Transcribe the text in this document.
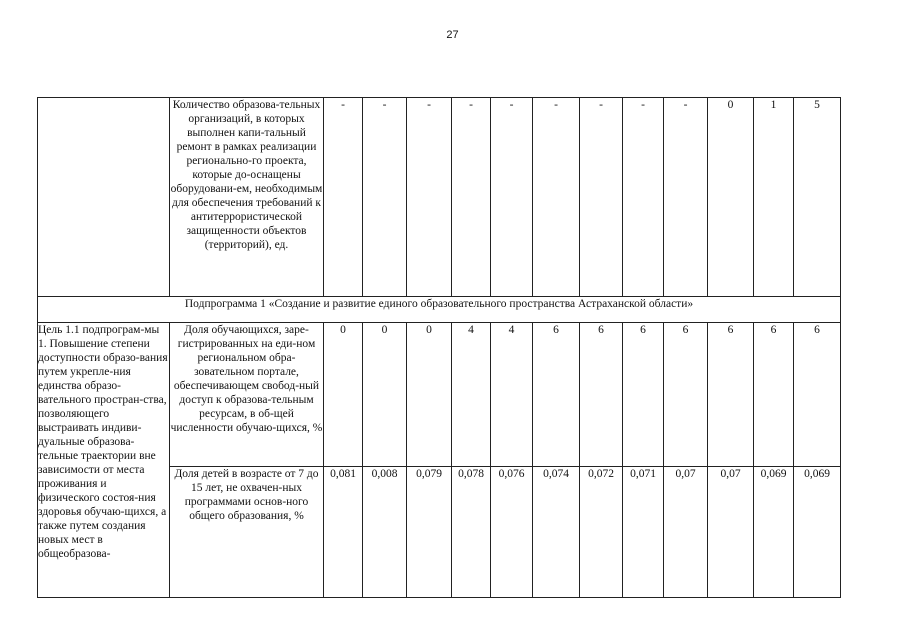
27
	Количество образова-тельных организаций, в которых выполнен капи-тальный ремонт в рамках реализации регионально-го проекта, которые до-оснащены оборудовани-ем, необходимым для обеспечения требований к антитеррористической защищенности объектов (территорий), ед.	-	-	-	-	-	-	-	-	-	0	1	5
Подпрограмма 1 «Создание и развитие единого образовательного пространства Астраханской области»													
Цель 1.1 подпрограм-мы 1. Повышение степени доступности образо-вания путем укрепле-ния единства образо-вательного простран-ства, позволяющего выстраивать индиви-дуальные образова-тельные траектории вне зависимости от места проживания и физического состоя-ния здоровья обучаю-щихся, а также путем создания новых мест в общеобразова-	Доля обучающихся, заре-гистрированных на еди-ном региональном обра-зовательном портале, обеспечивающем свобод-ный доступ к образова-тельным ресурсам, в об-щей численности обучаю-щихся, %	0	0	0	4	4	6	6	6	6	6	6	6
	Доля детей в возрасте от 7 до 15 лет, не охвачен-ных программами основ-ного общего образования, %	0,081	0,008	0,079	0,078	0,076	0,074	0,072	0,071	0,07	0,07	0,069	0,069
